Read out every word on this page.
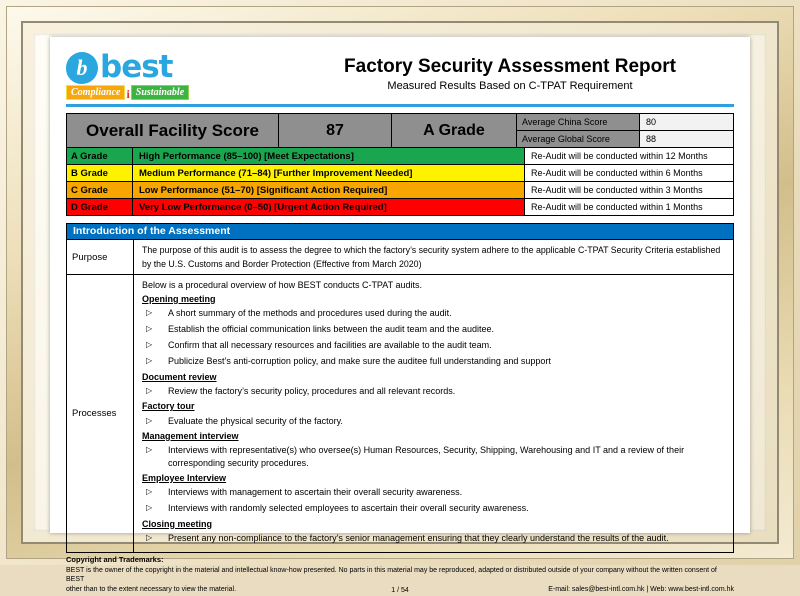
b best
Compliance i Sustainable
Factory Security Assessment Report
Measured Results Based on C-TPAT Requirement
Overall Facility Score	87	A Grade	Average China Score	80
Average Global Score	88
A Grade	High Performance (85–100) [Meet Expectations]	Re-Audit will be conducted within 12 Months
B Grade	Medium Performance (71–84) [Further Improvement Needed]	Re-Audit will be conducted within 6 Months
C Grade	Low Performance (51–70) [Significant Action Required]	Re-Audit will be conducted within 3 Months
D Grade	Very Low Performance (0–50) [Urgent Action Required]	Re-Audit will be conducted within 1 Months
Introduction of the Assessment
Purpose
The purpose of this audit is to assess the degree to which the factory’s security system adhere to the applicable C-TPAT Security Criteria established by the U.S. Customs and Border Protection (Effective from March 2020)
Processes
Below is a procedural overview of how BEST conducts C-TPAT audits.
Opening meeting
▷	A short summary of the methods and procedures used during the audit.
▷	Establish the official communication links between the audit team and the auditee.
▷	Confirm that all necessary resources and facilities are available to the audit team.
▷	Publicize Best’s anti-corruption policy, and make sure the auditee full understanding and support
Document review
▷	Review the factory’s security policy, procedures and all relevant records.
Factory tour
▷	Evaluate the physical security of the factory.
Management interview
▷	Interviews with representative(s) who oversee(s) Human Resources, Security, Shipping, Warehousing and IT and a review of their corresponding security procedures.
Employee Interview
▷	Interviews with management to ascertain their overall security awareness.
▷	Interviews with randomly selected employees to ascertain their overall security awareness.
Closing meeting
▷	Present any non-compliance to the factory’s senior management ensuring that they clearly understand the results of the audit.
Copyright and Trademarks:
BEST is the owner of the copyright in the material and intellectual know-how presented. No parts in this material may be reproduced, adapted or distributed outside of your company without the written consent of BEST
other than to the extent necessary to view the material.	1 / 54	E-mail: sales@best-intl.com.hk | Web: www.best-intl.com.hk
